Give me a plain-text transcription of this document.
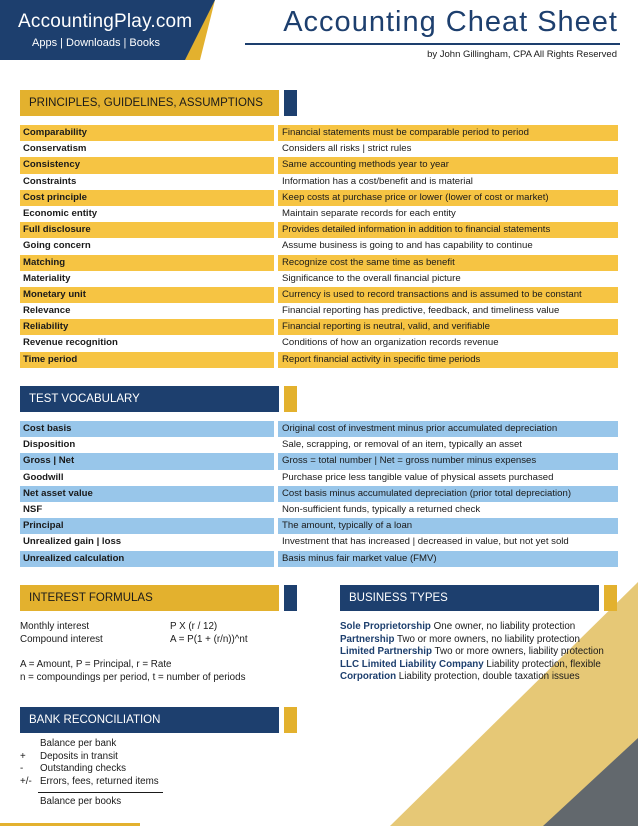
AccountingPlay.com
Apps | Downloads | Books
Accounting Cheat Sheet
by John Gillingham, CPA All Rights Reserved
PRINCIPLES, GUIDELINES, ASSUMPTIONS
Comparability	Financial statements must be comparable period to period
Conservatism	Considers all risks | strict rules
Consistency	Same accounting methods year to year
Constraints	Information has a cost/benefit and is material
Cost principle	Keep costs at purchase price or lower (lower of cost or market)
Economic entity	Maintain separate records for each entity
Full disclosure	Provides detailed information in addition to financial statements
Going concern	Assume business is going to and has capability to continue
Matching	Recognize cost the same time as benefit
Materiality	Significance to the overall financial picture
Monetary unit	Currency is used to record transactions and is assumed to be constant
Relevance	Financial reporting has predictive, feedback, and timeliness value
Reliability	Financial reporting is neutral, valid, and verifiable
Revenue recognition	Conditions of how an organization records revenue
Time period	Report financial activity in specific time periods
TEST VOCABULARY
Cost basis	Original cost of investment minus prior accumulated depreciation
Disposition	Sale, scrapping, or removal of an item, typically an asset
Gross | Net	Gross = total number | Net = gross number minus expenses
Goodwill	Purchase price less tangible value of physical assets purchased
Net asset value	Cost basis minus accumulated depreciation (prior total depreciation)
NSF	Non-sufficient funds, typically a returned check
Principal	The amount, typically of a loan
Unrealized gain | loss	Investment that has increased | decreased in value, but not yet sold
Unrealized calculation	Basis minus fair market value (FMV)
INTEREST FORMULAS
Monthly interest	P X (r / 12)
Compound interest	A = P(1 + (r/n))^nt
A = Amount, P = Principal, r = Rate
n = compoundings per period, t = number of periods
BUSINESS TYPES
Sole Proprietorship One owner, no liability protection
Partnership Two or more owners, no liability protection
Limited Partnership Two or more owners, liability protection
LLC Limited Liability Company Liability protection, flexible
Corporation Liability protection, double taxation issues
BANK RECONCILIATION
Balance per bank
+	Deposits in transit
-	Outstanding checks
+/- Errors, fees, returned items
Balance per books
